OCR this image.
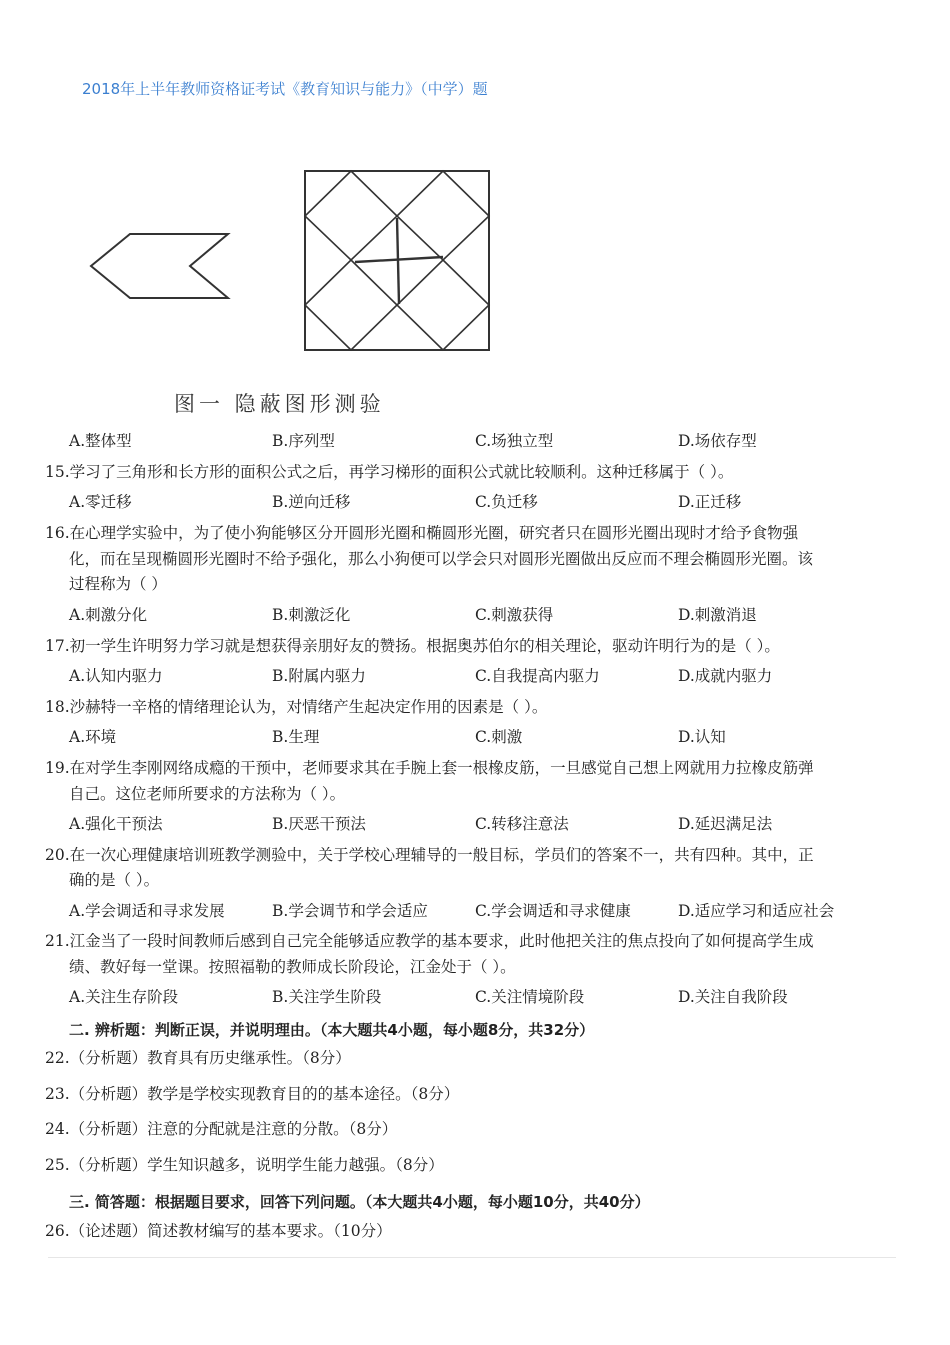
2018年上半年教师资格证考试《教育知识与能力》（中学）题
图一 隐蔽图形测验
A.整体型	B.序列型	C.场独立型	D.场依存型
15.学习了三角形和长方形的面积公式之后，再学习梯形的面积公式就比较顺利。这种迁移属于（ ）。
A.零迁移	B.逆向迁移	C.负迁移	D.正迁移
16.在心理学实验中，为了使小狗能够区分开圆形光圈和椭圆形光圈，研究者只在圆形光圈出现时才给予食物强
化，而在呈现椭圆形光圈时不给予强化，那么小狗便可以学会只对圆形光圈做出反应而不理会椭圆形光圈。该
过程称为（ ）
A.刺激分化	B.刺激泛化	C.刺激获得	D.刺激消退
17.初一学生许明努力学习就是想获得亲朋好友的赞扬。根据奥苏伯尔的相关理论，驱动许明行为的是（ ）。
A.认知内驱力	B.附属内驱力	C.自我提高内驱力	D.成就内驱力
18.沙赫特一辛格的情绪理论认为，对情绪产生起决定作用的因素是（ ）。
A.环境	B.生理	C.刺激	D.认知
19.在对学生李刚网络成瘾的干预中，老师要求其在手腕上套一根橡皮筋，一旦感觉自己想上网就用力拉橡皮筋弹
自己。这位老师所要求的方法称为（ ）。
A.强化干预法	B.厌恶干预法	C.转移注意法	D.延迟满足法
20.在一次心理健康培训班教学测验中，关于学校心理辅导的一般目标，学员们的答案不一，共有四种。其中，正
确的是（ ）。
A.学会调适和寻求发展	B.学会调节和学会适应	C.学会调适和寻求健康	D.适应学习和适应社会
21.江金当了一段时间教师后感到自己完全能够适应教学的基本要求，此时他把关注的焦点投向了如何提高学生成
绩、教好每一堂课。按照福勒的教师成长阶段论，江金处于（ ）。
A.关注生存阶段	B.关注学生阶段	C.关注情境阶段	D.关注自我阶段
二. 辨析题：判断正误，并说明理由。（本大题共4小题，每小题8分，共32分）
22.（分析题）教育具有历史继承性。（8分）
23.（分析题）教学是学校实现教育目的的基本途径。（8分）
24.（分析题）注意的分配就是注意的分散。（8分）
25.（分析题）学生知识越多，说明学生能力越强。（8分）
三. 简答题：根据题目要求，回答下列问题。（本大题共4小题，每小题10分，共40分）
26.（论述题）简述教材编写的基本要求。（10分）
